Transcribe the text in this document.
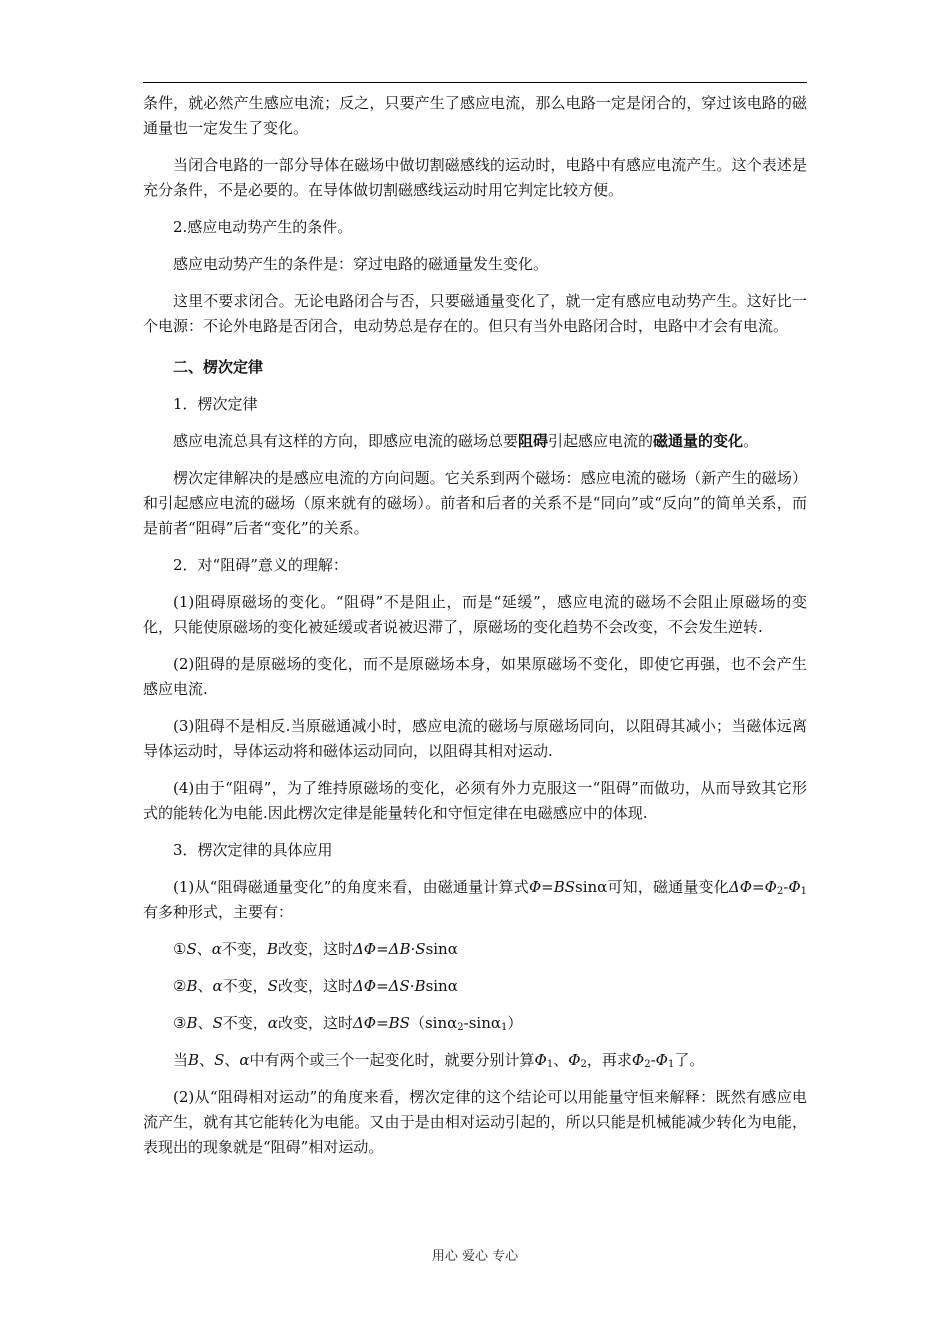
条件，就必然产生感应电流；反之，只要产生了感应电流，那么电路一定是闭合的，穿过该电路的磁通量也一定发生了变化。

当闭合电路的一部分导体在磁场中做切割磁感线的运动时，电路中有感应电流产生。这个表述是充分条件，不是必要的。在导体做切割磁感线运动时用它判定比较方便。

2.感应电动势产生的条件。

感应电动势产生的条件是：穿过电路的磁通量发生变化。

这里不要求闭合。无论电路闭合与否，只要磁通量变化了，就一定有感应电动势产生。这好比一个电源：不论外电路是否闭合，电动势总是存在的。但只有当外电路闭合时，电路中才会有电流。

二、楞次定律

1．楞次定律

感应电流总具有这样的方向，即感应电流的磁场总要阻碍引起感应电流的磁通量的变化。

楞次定律解决的是感应电流的方向问题。它关系到两个磁场：感应电流的磁场（新产生的磁场）和引起感应电流的磁场（原来就有的磁场）。前者和后者的关系不是“同向”或“反向”的简单关系，而是前者“阻碍”后者“变化”的关系。

2．对“阻碍”意义的理解：

(1)阻碍原磁场的变化。“阻碍”不是阻止，而是“延缓”，感应电流的磁场不会阻止原磁场的变化，只能使原磁场的变化被延缓或者说被迟滞了，原磁场的变化趋势不会改变，不会发生逆转.

(2)阻碍的是原磁场的变化，而不是原磁场本身，如果原磁场不变化，即使它再强，也不会产生感应电流.

(3)阻碍不是相反.当原磁通减小时，感应电流的磁场与原磁场同向，以阻碍其减小；当磁体远离导体运动时，导体运动将和磁体运动同向，以阻碍其相对运动.

(4)由于“阻碍”，为了维持原磁场的变化，必须有外力克服这一“阻碍”而做功，从而导致其它形式的能转化为电能.因此楞次定律是能量转化和守恒定律在电磁感应中的体现.

3．楞次定律的具体应用

(1)从“阻碍磁通量变化”的角度来看，由磁通量计算式Φ=BSsinα可知，磁通量变化$\Delta\Phi=\Phi_2-\Phi_1$有多种形式，主要有：

①S、α不变，B改变，这时ΔΦ=ΔB·Ssinα

②B、α不变，S改变，这时ΔΦ=ΔS·Bsinα

③B、S不变，α改变，这时ΔΦ=BS（sinα$_2$-sinα$_1$）

当B、S、α中有两个或三个一起变化时，就要分别计算$\Phi_1$、$\Phi_2$，再求$\Phi_2-\Phi_1$了。

(2)从“阻碍相对运动”的角度来看，楞次定律的这个结论可以用能量守恒来解释：既然有感应电流产生，就有其它能转化为电能。又由于是由相对运动引起的，所以只能是机械能减少转化为电能，表现出的现象就是“阻碍”相对运动。

用心 爱心 专心
